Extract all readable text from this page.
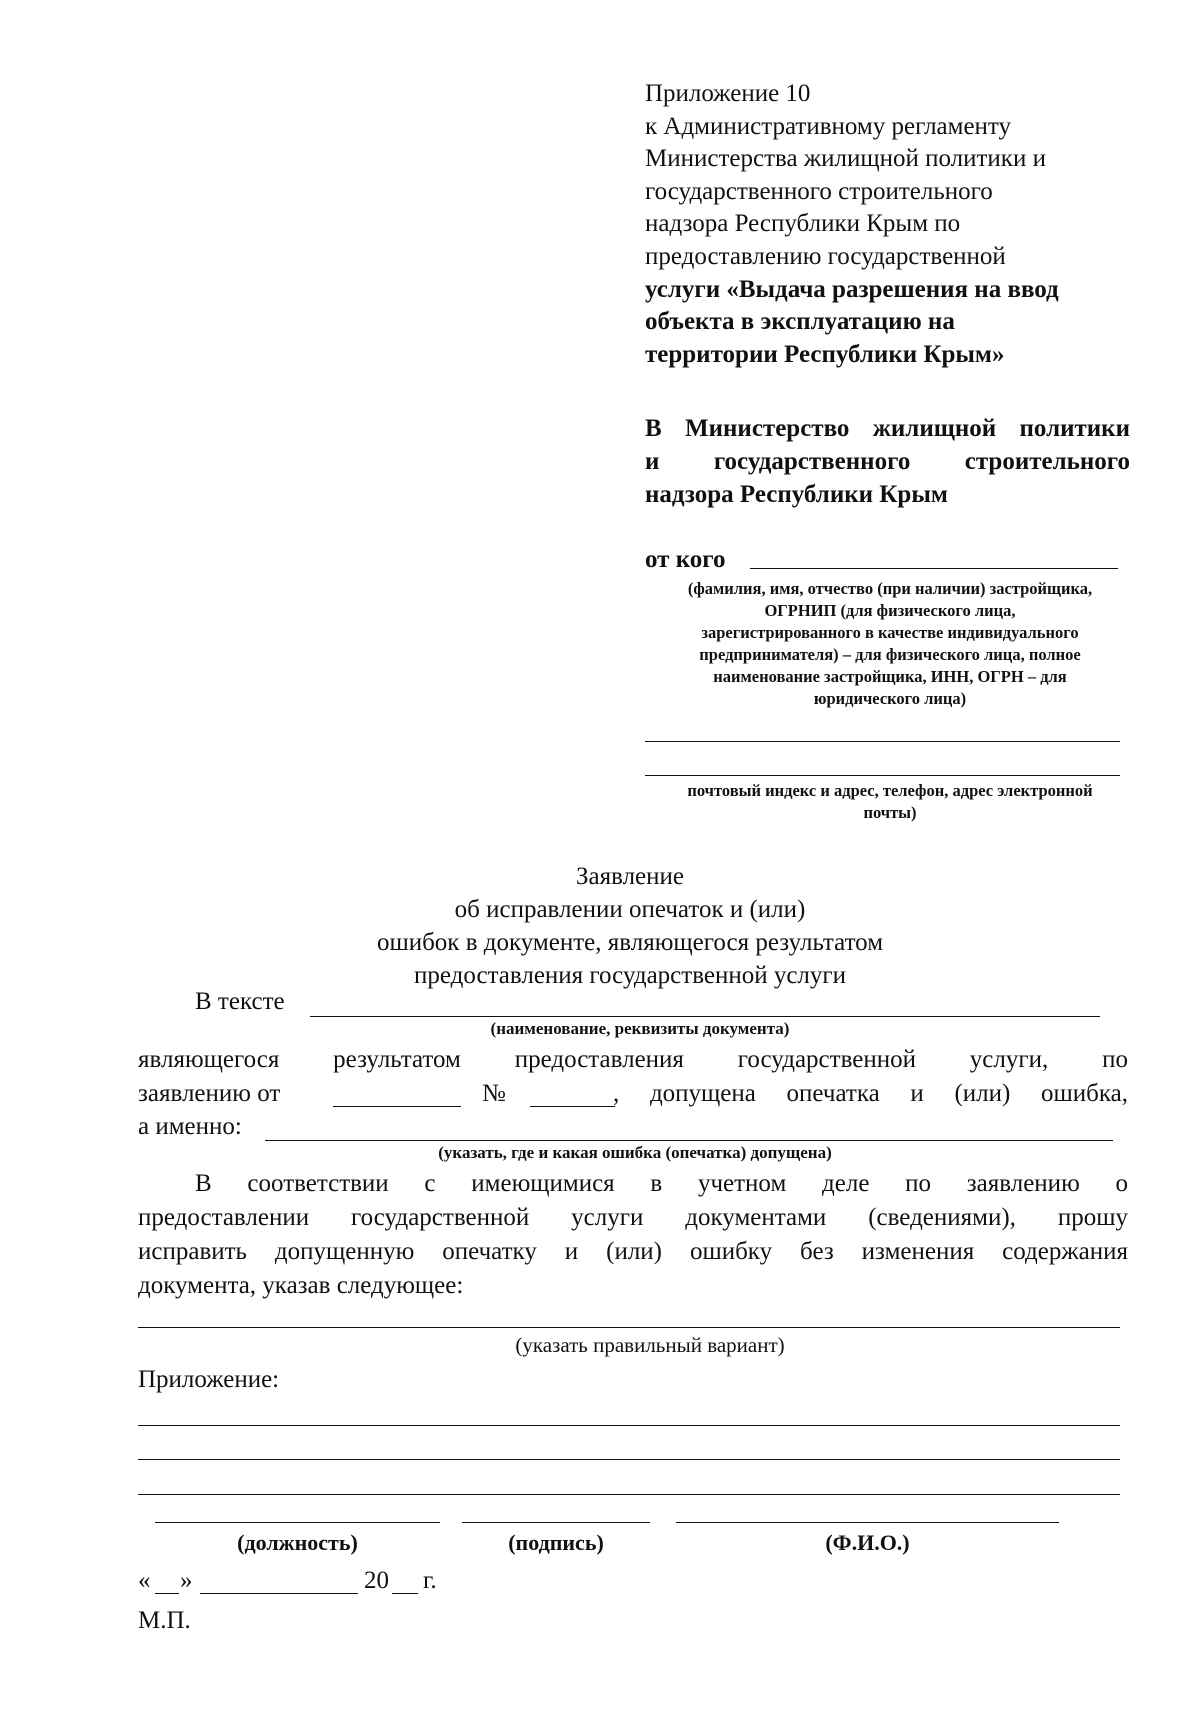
Приложение 10
к Административному регламенту
Министерства жилищной политики и
государственного строительного
надзора Республики Крым по
предоставлению государственной
услуги «Выдача разрешения на ввод
объекта в эксплуатацию на
территории Республики Крым»
В Министерство жилищной политики
и государственного строительного
надзора Республики Крым
от кого
(фамилия, имя, отчество (при наличии) застройщика,
ОГРНИП (для физического лица,
зарегистрированного в качестве индивидуального
предпринимателя) – для физического лица, полное
наименование застройщика, ИНН, ОГРН – для
юридического лица)
почтовый индекс и адрес, телефон, адрес электронной
почты)
Заявление
об исправлении опечаток и (или)
ошибок в документе, являющегося результатом
предоставления государственной услуги
В тексте
(наименование, реквизиты документа)
являющегося результатом предоставления государственной услуги, по
заявлению от	№	, допущена опечатка и (или) ошибка,
а именно:
(указать, где и какая ошибка (опечатка) допущена)
В соответствии с имеющимися в учетном деле по заявлению о
предоставлении государственной услуги документами (сведениями), прошу
исправить допущенную опечатку и (или) ошибку без изменения содержания
документа, указав следующее:
(указать правильный вариант)
Приложение:
(должность)	(подпись)	(Ф.И.О.)
« »	20 г.
М.П.
